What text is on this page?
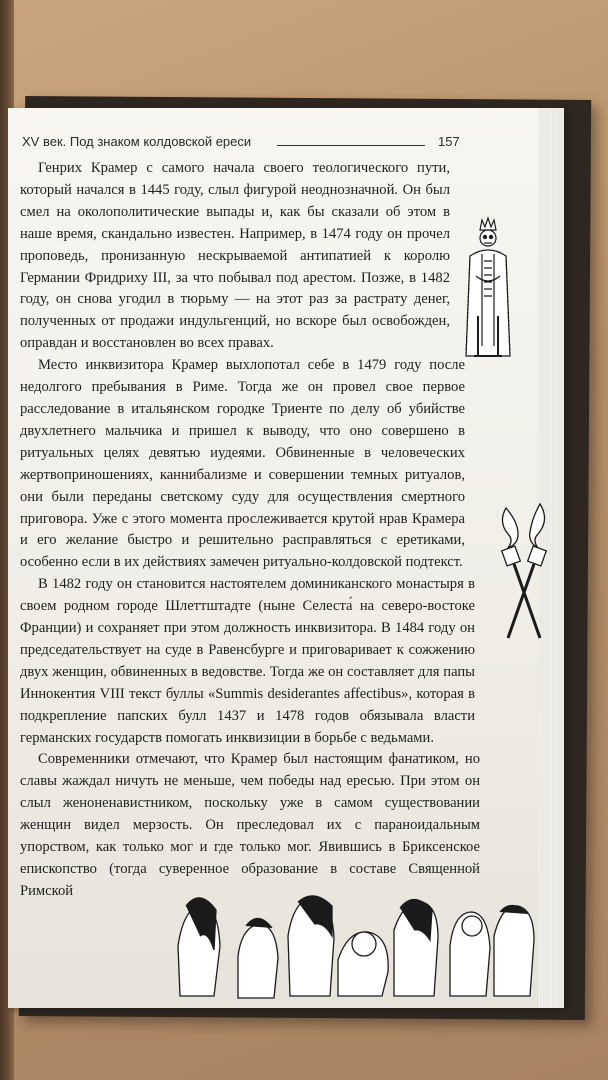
XV век. Под знаком колдовской ереси	157

Генрих Крамер с самого начала своего теологического пути, который начался в 1445 году, слыл фигурой неоднозначной. Он был смел на околополитические выпады и, как бы сказали об этом в наше время, скандально известен. Например, в 1474 году он прочел проповедь, пронизанную нескрываемой антипатией к королю Германии Фридриху III, за что побывал под арестом. Позже, в 1482 году, он снова угодил в тюрьму — на этот раз за растрату денег, полученных от продажи индульгенций, но вскоре был освобожден, оправдан и восстановлен во всех правах.

Место инквизитора Крамер выхлопотал себе в 1479 году после недолгого пребывания в Риме. Тогда же он провел свое первое расследование в итальянском городке Триенте по делу об убийстве двухлетнего мальчика и пришел к выводу, что оно совершено в ритуальных целях девятью иудеями. Обвиненные в человеческих жертвоприношениях, каннибализме и совершении темных ритуалов, они были переданы светскому суду для осуществления смертного приговора. Уже с этого момента прослеживается крутой нрав Крамера и его желание быстро и решительно расправляться с еретиками, особенно если в их действиях замечен ритуально-колдовской подтекст.

В 1482 году он становится настоятелем доминиканского монастыря в своем родном городе Шлеттштадте (ныне Селеста́ на северо-востоке Франции) и сохраняет при этом должность инквизитора. В 1484 году он председательствует на суде в Равенсбурге и приговаривает к сожжению двух женщин, обвиненных в ведовстве. Тогда же он составляет для папы Иннокентия VIII текст буллы «Summis desiderantes affectibus», которая в подкрепление папских булл 1437 и 1478 годов обязывала власти германских государств помогать инквизиции в борьбе с ведьмами.

Современники отмечают, что Крамер был настоящим фанатиком, но славы жаждал ничуть не меньше, чем победы над ересью. При этом он слыл женоненавистником, поскольку уже в самом существовании женщин видел мерзость. Он преследовал их с параноидальным упорством, как только мог и где только мог. Явившись в Бриксенское епископство (тогда суверенное образование в составе Священной Римской
